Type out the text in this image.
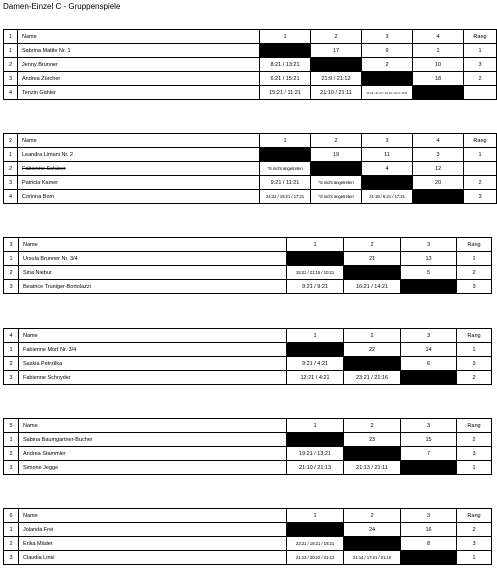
Damen-Einzel C - Gruppenspiele
1	Name	1	2	3	4	Rang
1	Sabrina Mattle Nr. 1		17	9	1	1
2	Jenny Brunner	8:21 / 13:21		2	10	3
3	Andrea Zürcher	6:21 / 15:21	21:9 / 21:12		18	2
4	Tenzin Gähler	15:21 / 11:21	21:10 / 21:11	11:21 / 21:17 / 16:21 / 21:4 / 8:21		
2	Name	1	2	3	4	Rang
1	Leandra Limani Nr. 2		19	11	3	1
2	Fabienne Schärer	*S nicht angetreten		4	12	
3	Patricia Kamer	9:21 / 11:21	*S nicht angetreten		20	2
4	Corinna Bom	24:22 / 19:21 / 17:21	*S nicht angetreten	21:18 / 6:21 / 17:21		3
3	Name	1	2	3	Rang
1	Ursula Brunner Nr. 3/4		21	13	1
2	Sina Niebur	15:21 / 21:15 / 10:21		5	2
3	Beatrice Truniger-Bortolazzi	9:21 / 9:21	16:21 / 14:21		3
4	Name	1	2	3	Rang
1	Fabienne Morf Nr. 3/4		22	14	1
2	Saskia Petrzilka	9:21 / 4:21		6	3
3	Fabienne Schnyder	12:21 / 4:21	23:21 / 21:16		2
5	Name	1	2	3	Rang
1	Sabina Baumgartner-Bucher		23	15	2
2	Andrea Stammler	19:21 / 13:21		7	3
3	Simone Jegge	21:10 / 21:13	21:13 / 21:11		1
6	Name	1	2	3	Rang
1	Jolanda Frei		24	16	2
2	Erika Mäder	23:21 / 19:21 / 19:21		8	3
3	Claudia Linsi	21:13 / 20:22 / 21:13	21:14 / 17:21 / 21:10		1
